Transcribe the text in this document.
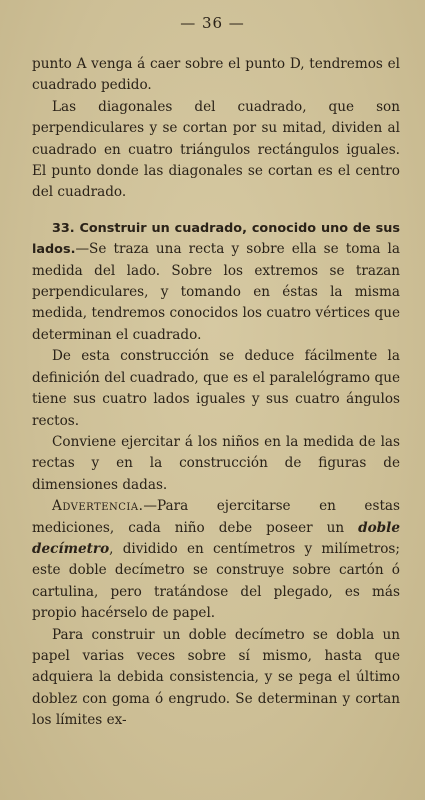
— 36 —

punto A venga á caer sobre el punto D, tendremos el cuadrado pedido.

Las diagonales del cuadrado, que son perpendiculares y se cortan por su mitad, dividen al cuadrado en cuatro triángulos rectángulos iguales. El punto donde las diagonales se cortan es el centro del cuadrado.

33. Construir un cuadrado, conocido uno de sus lados.—Se traza una recta y sobre ella se toma la medida del lado. Sobre los extremos se trazan perpendiculares, y tomando en éstas la misma medida, tendremos conocidos los cuatro vértices que determinan el cuadrado.

De esta construcción se deduce fácilmente la definición del cuadrado, que es el paralelógramo que tiene sus cuatro lados iguales y sus cuatro ángulos rectos.

Conviene ejercitar á los niños en la medida de las rectas y en la construcción de figuras de dimensiones dadas.

Advertencia.—Para ejercitarse en estas mediciones, cada niño debe poseer un doble decímetro, dividido en centímetros y milímetros; este doble decímetro se construye sobre cartón ó cartulina, pero tratándose del plegado, es más propio hacérselo de papel.

Para construir un doble decímetro se dobla un papel varias veces sobre sí mismo, hasta que adquiera la debida consistencia, y se pega el último doblez con goma ó engrudo. Se determinan y cortan los límites ex-
